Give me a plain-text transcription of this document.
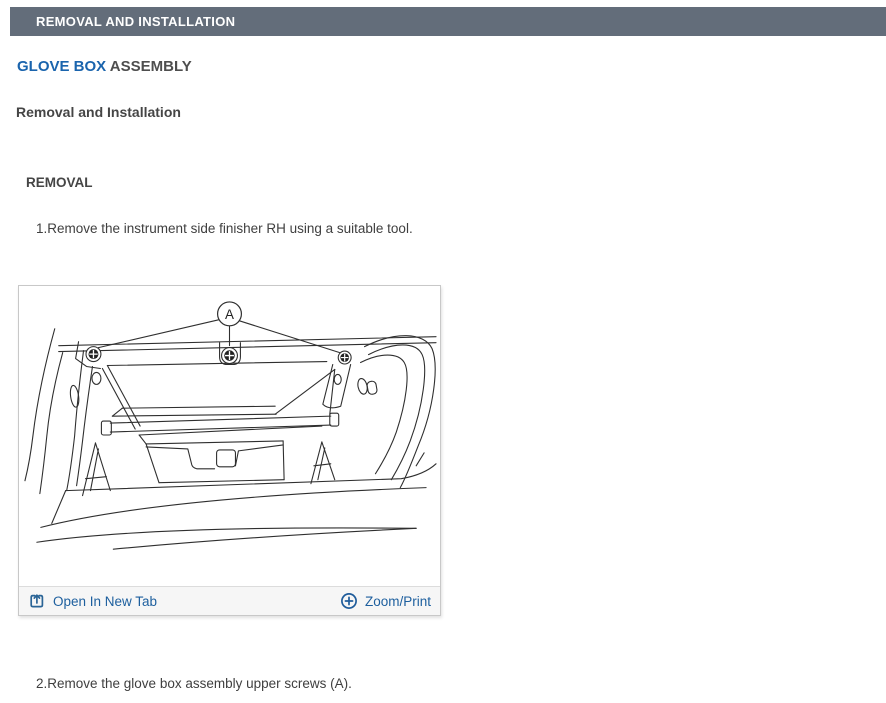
REMOVAL AND INSTALLATION
GLOVE BOX ASSEMBLY
Removal and Installation
REMOVAL
1.Remove the instrument side finisher RH using a suitable tool.
A
Open In New Tab	Zoom/Print
2.Remove the glove box assembly upper screws (A).
